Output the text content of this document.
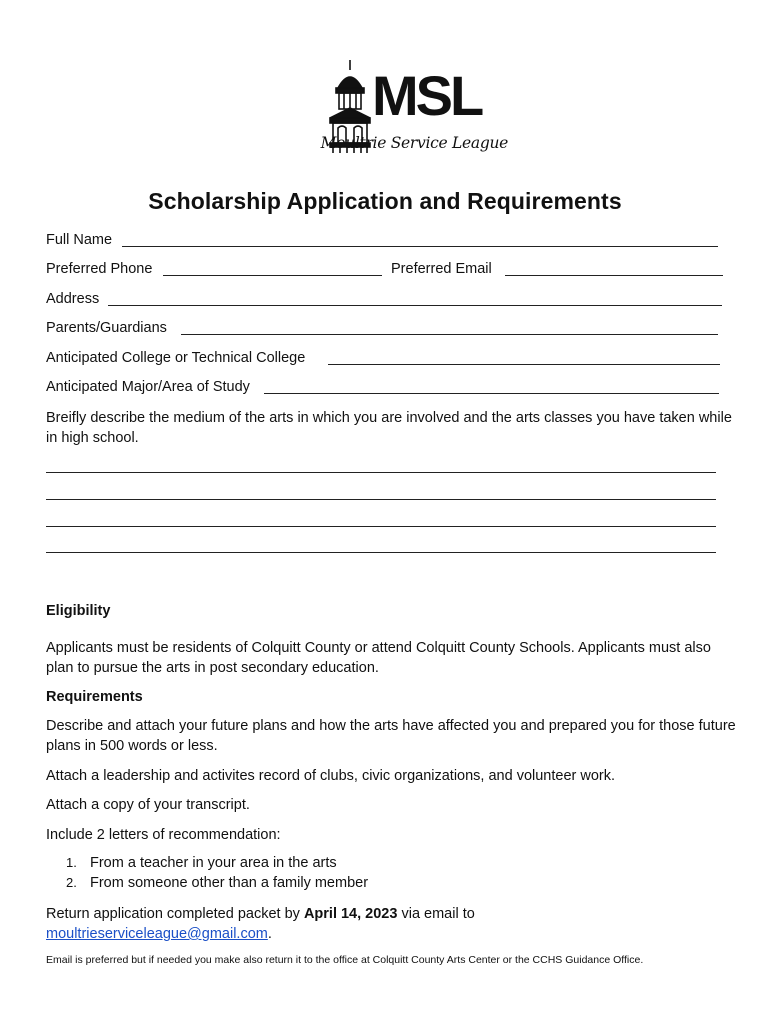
MSL
Moultrie Service League
Scholarship Application and Requirements
Full Name
Preferred Phone	Preferred Email
Address
Parents/Guardians
Anticipated College or Technical College
Anticipated Major/Area of Study
Breifly describe the medium of the arts in which you are involved and the arts classes you have taken while in high school.
Eligibility
Applicants must be residents of Colquitt County or attend Colquitt County Schools. Applicants must also plan to pursue the arts in post secondary education.
Requirements
Describe and attach your future plans and how the arts have affected you and prepared you for those future plans in 500 words or less.
Attach a leadership and activites record of clubs, civic organizations, and volunteer work.
Attach a copy of your transcript.
Include 2 letters of recommendation:
1. From a teacher in your area in the arts
2. From someone other than a family member
Return application completed packet by April 14, 2023 via email to
moultrieserviceleague@gmail.com.
Email is preferred but if needed you make also return it to the office at Colquitt County Arts Center or the CCHS Guidance Office.
